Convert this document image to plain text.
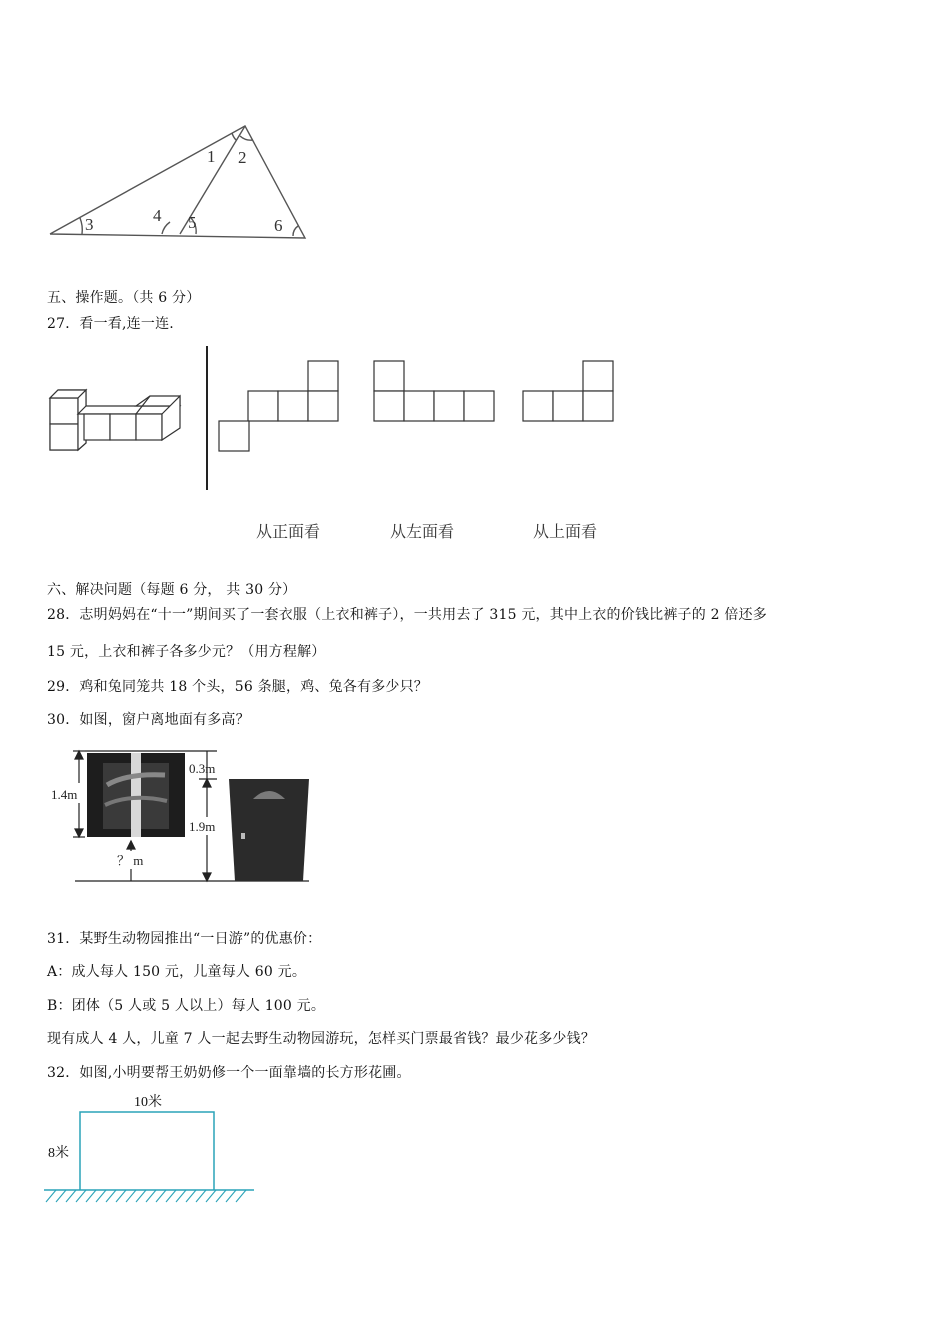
1 2
3	4 5	6
五、操作题。（共 6 分）
27．看一看,连一连.
从正面看	从左面看	从上面看
六、解决问题（每题 6 分， 共 30 分）
28．志明妈妈在“十一”期间买了一套衣服（上衣和裤子），一共用去了 315 元，其中上衣的价钱比裤子的 2 倍还多
15 元，上衣和裤子各多少元？（用方程解）
29．鸡和兔同笼共 18 个头，56 条腿，鸡、兔各有多少只？
30．如图，窗户离地面有多高？
1.4m
0.3m
1.9m
？ m
31．某野生动物园推出“一日游”的优惠价：
A：成人每人 150 元，儿童每人 60 元。
B：团体（5 人或 5 人以上）每人 100 元。
现有成人 4 人，儿童 7 人一起去野生动物园游玩，怎样买门票最省钱？最少花多少钱？
32．如图,小明要帮王奶奶修一个一面靠墙的长方形花圃。
10米
8米
